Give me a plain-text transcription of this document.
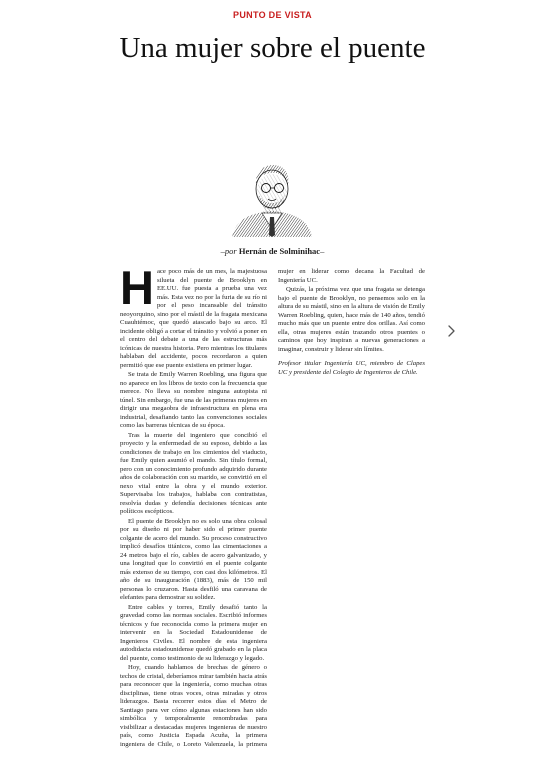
PUNTO DE VISTA
Una mujer sobre el puente
–por Hernán de Solminihac–

Hace poco más de un mes, la majestuosa silueta del puente de Brooklyn en EE.UU. fue puesta a prueba una vez más. Esta vez no por la furia de su río ni por el peso incansable del tránsito neoyorquino, sino por el mástil de la fragata mexicana Cuauhtémoc, que quedó atascado bajo su arco. El incidente obligó a cortar el tránsito y volvió a poner en el centro del debate a una de las estructuras más icónicas de nuestra historia. Pero mientras los titulares hablaban del accidente, pocos recordaron a quien permitió que ese puente existiera en primer lugar.

Se trata de Emily Warren Roebling, una figura que no aparece en los libros de texto con la frecuencia que merece. No lleva su nombre ninguna autopista ni túnel. Sin embargo, fue una de las primeras mujeres en dirigir una megaobra de infraestructura en plena era industrial, desafiando tanto las convenciones sociales como las barreras técnicas de su época.

Tras la muerte del ingeniero que concibió el proyecto y la enfermedad de su esposo, debido a las condiciones de trabajo en los cimientos del viaducto, fue Emily quien asumió el mando. Sin título formal, pero con un conocimiento profundo adquirido durante años de colaboración con su marido, se convirtió en el nexo vital entre la obra y el mundo exterior. Supervisaba los trabajos, hablaba con contratistas, resolvía dudas y defendía decisiones técnicas ante políticos escépticos.

El puente de Brooklyn no es solo una obra colosal por su diseño ni por haber sido el primer puente colgante de acero del mundo. Su proceso constructivo implicó desafíos titánicos, como las cimentaciones a 24 metros bajo el río, cables de acero galvanizado, y una longitud que lo convirtió en el puente colgante más extenso de su tiempo, con casi dos kilómetros. El año de su inauguración (1883), más de 150 mil personas lo cruzaron. Hasta desfiló una caravana de elefantes para demostrar su solidez.

Entre cables y torres, Emily desafió tanto la gravedad como las normas sociales. Escribió informes técnicos y fue reconocida como la primera mujer en intervenir en la Sociedad Estadounidense de Ingenieros Civiles. El nombre de esta ingeniera autodidacta estadounidense quedó grabado en la placa del puente, como testimonio de su liderazgo y legado.

Hoy, cuando hablamos de brechas de género o techos de cristal, deberíamos mirar también hacia atrás para reconocer que la ingeniería, como muchas otras disciplinas, tiene otras voces, otras miradas y otros liderazgos. Basta recorrer estos días el Metro de Santiago para ver cómo algunas estaciones han sido simbólica y temporalmente renombradas para visibilizar a destacadas mujeres ingenieras de nuestro país, como Justicia Espada Acuña, la primera ingeniera de Chile, o Loreto Valenzuela, la primera mujer en liderar como decana la Facultad de Ingeniería UC.

Quizás, la próxima vez que una fragata se detenga bajo el puente de Brooklyn, no pensemos solo en la altura de su mástil, sino en la altura de visión de Emily Warren Roebling, quien, hace más de 140 años, tendió mucho más que un puente entre dos orillas. Así como ella, otras mujeres están trazando otros puentes o caminos que hoy inspiran a nuevas generaciones a imaginar, construir y liderar sin límites.

Profesor titular Ingeniería UC, miembro de Clapes UC y presidente del Colegio de Ingenieros de Chile.
